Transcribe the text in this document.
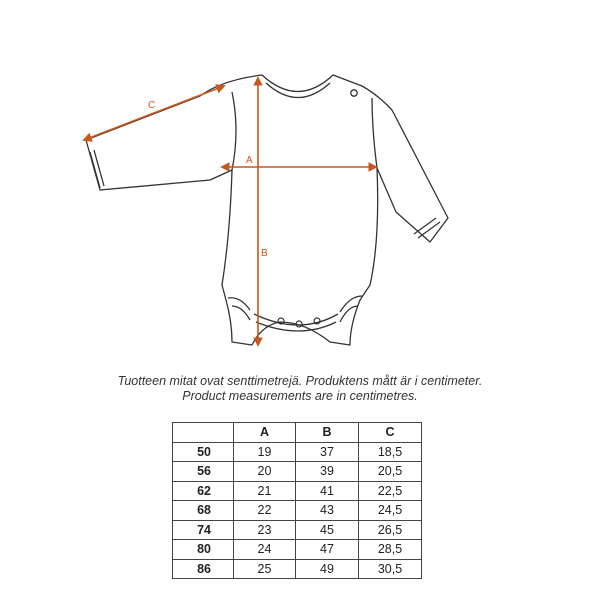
A
B
C
Tuotteen mitat ovat senttimetrejä. Produktens mått är i centimeter.
Product measurements are in centimetres.
	A	B	C
50	19	37	18,5
56	20	39	20,5
62	21	41	22,5
68	22	43	24,5
74	23	45	26,5
80	24	47	28,5
86	25	49	30,5
